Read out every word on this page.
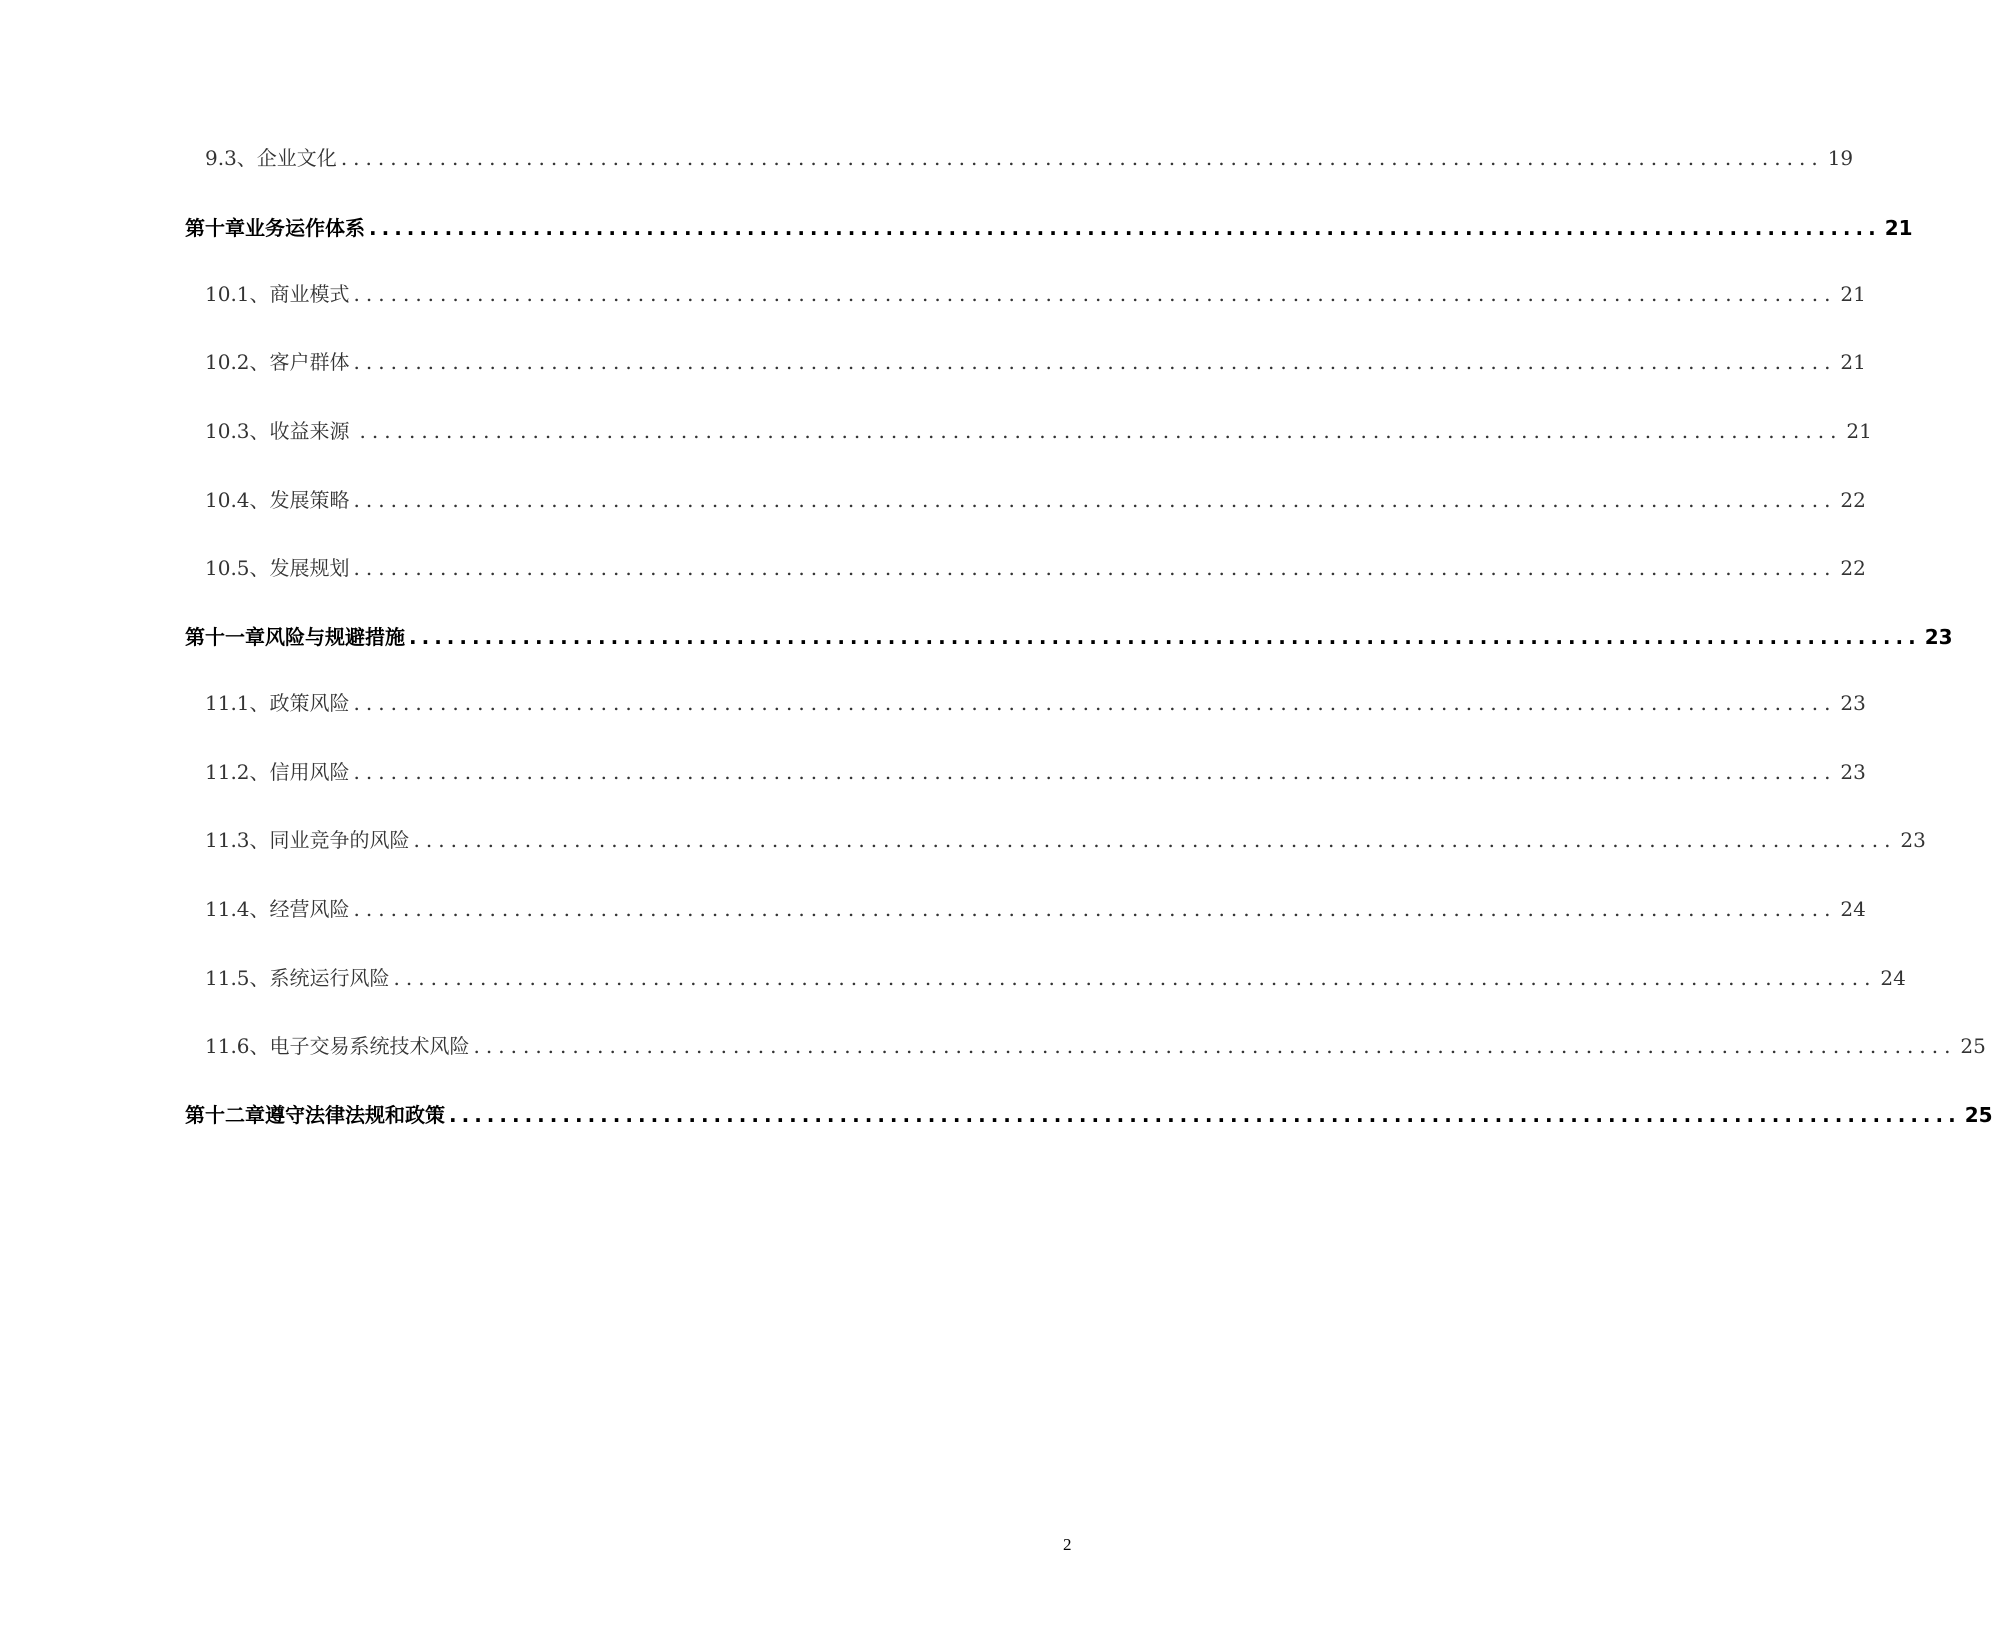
9.3、 企业文化 ........................................................................................................................ 19
第十章 业务运作体系 ........................................................................................................................ 21
10.1、 商业模式 ........................................................................................................................ 21
10.2、 客户群体 ........................................................................................................................ 21
10.3、 收益来源 ........................................................................................................................ 21
10.4、 发展策略 ........................................................................................................................ 22
10.5、 发展规划 ........................................................................................................................ 22
第十一章 风险与规避措施 ........................................................................................................................ 23
11.1、 政策风险 ........................................................................................................................ 23
11.2、 信用风险 ........................................................................................................................ 23
11.3、 同业竞争的风险 ........................................................................................................................ 23
11.4、 经营风险 ........................................................................................................................ 24
11.5、 系统运行风险 ........................................................................................................................ 24
11.6、 电子交易系统技术风险 ........................................................................................................................ 25
第十二章 遵守法律法规和政策 ........................................................................................................................ 25
2
